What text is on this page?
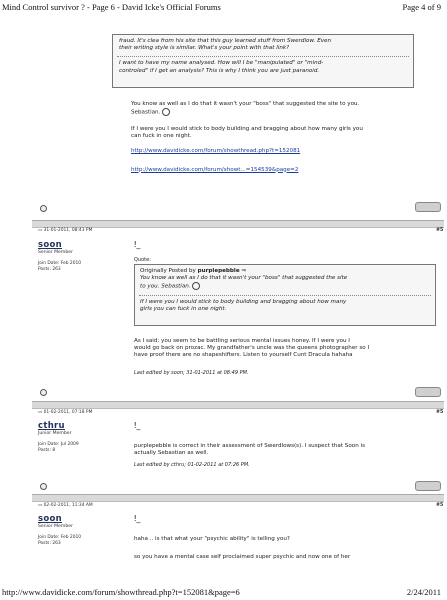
Mind Control survivor ? - Page 6 - David Icke's Official Forums	Page 4 of 9
fraud. It's clea from his site that this guy learned stuff from Swerdlow. Even
their writing style is similar. What's your point with that link?
I want to have my name analysed. How will I be "manipulated" or "mind-
controled" if I get an analysis? This is why I think you are just paranoid.
You know as well as I do that it wasn't your "boss" that suggested the site to you.
Sebastian.
If I were you I would stick to body building and bragging about how many girls you
can fuck in one night.
http://www.davidicke.com/forum/showthread.php?t=152081
http://www.davidicke.com/forum/showt...=154539&page=2
▭ 31-01-2011, 08:43 PM	#5
soon
Senior Member
Join Date: Feb 2010
Posts: 263
ǃ_
Quote:
Originally Posted by purplepebble ⇒
You know as well as I do that it wasn't your "boss" that suggested the site
to you. Sebastian.
If I were you I would stick to body building and bragging about how many
girls you can fuck in one night.
As I said: you seem to be battling serious mental issues honey. If I were you I
would go back on prozac. My grandfather's uncle was the queens photographer so I
have proof there are no shapeshifters. Listen to yourself Cunt Dracula hahaha
Last edited by soon; 31-01-2011 at 08:49 PM.
▭ 01-02-2011, 07:18 PM	#5
cthru
Junior Member
Join Date: Jul 2009
Posts: 8
ǃ_
purplepebble is correct in their assessment of Swerdlows(s). I suspect that Soon is
actually Sebastian as well.
Last edited by cthru; 01-02-2011 at 07:26 PM.
▭ 02-02-2011, 11:34 AM	#5
soon
Senior Member
Join Date: Feb 2010
Posts: 263
ǃ_
haha .. is that what your "psychic ability" is telling you?
so you have a mental case self proclaimed super psychic and now one of her
http://www.davidicke.com/forum/showthread.php?t=152081&page=6	2/24/2011
